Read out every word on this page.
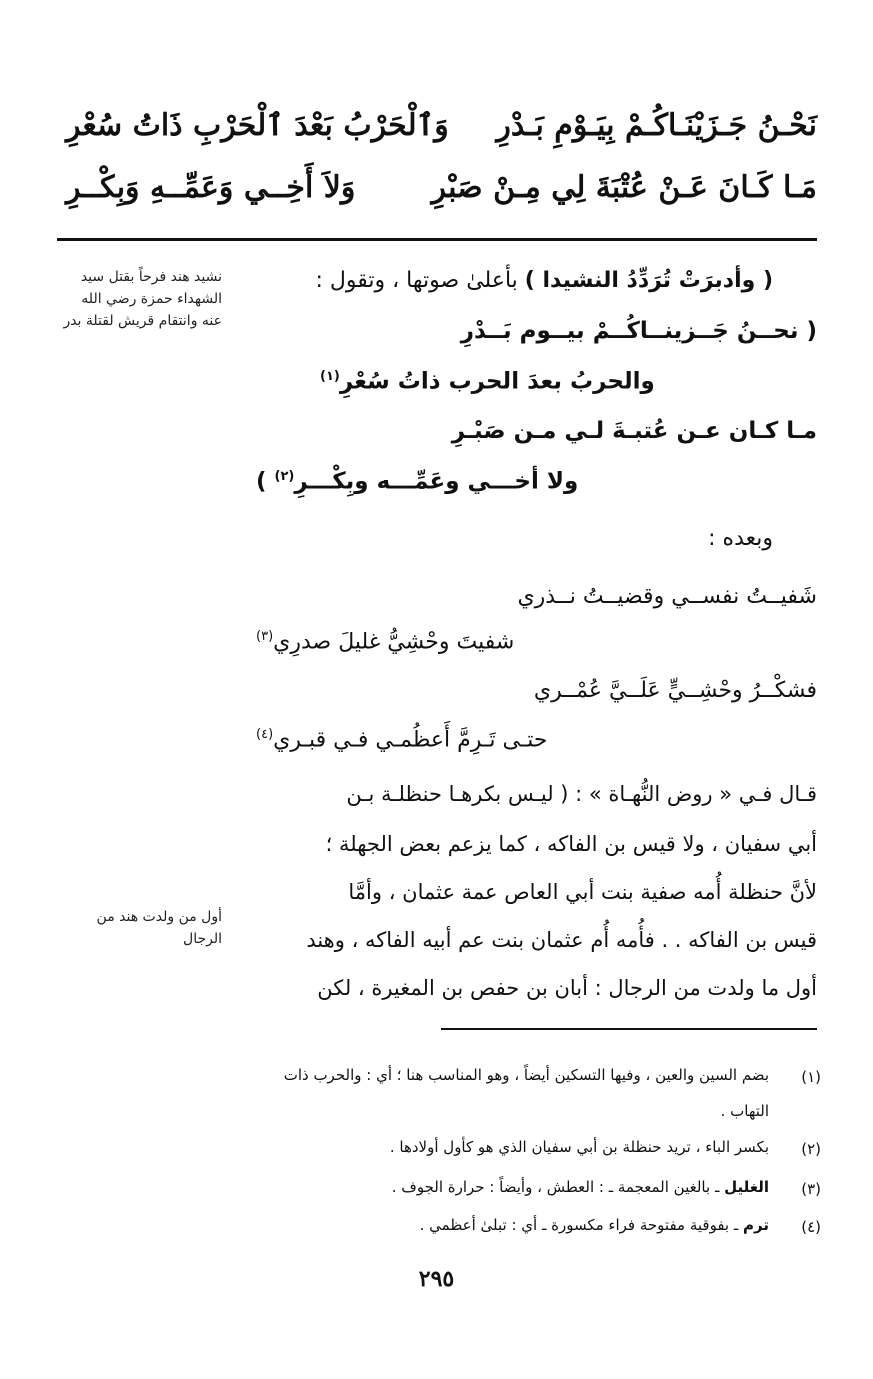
نَحْـنُ جَـزَيْنَـاكُـمْ بِيَـوْمِ بَـدْرِ
وَٱلْحَرْبُ بَعْدَ ٱلْحَرْبِ ذَاتُ سُعْرِ
مَـا كَـانَ عَـنْ عُتْبَةَ لِي مِـنْ صَبْرِ
وَلاَ أَخِــي وَعَمِّــهِ وَبِكْــرِ
نشيد هند فرحاً بقتل سيد الشهداء حمزة رضي الله عنه وانتقام قريش لقتلة بدر
أول من ولدت هند من الرجال
( وأدبرَتْ تُرَدِّدُ النشيدا ) بأعلىٰ صوتها ، وتقول :
( نحــنُ جَــزينــاكُــمْ بيــوم بَــدْرِ
والحربُ بعدَ الحرب ذاتُ سُعْرِ$^{(١)}$
مـا كـان عـن عُتبـةَ لـي مـن صَبْـرِ
ولا أخـــي وعَمِّـــه وبِكْـــرِ$^{(٢)}$ )
وبعده :
شَفيــتُ نفســي وقضيــتُ نــذري
شفيتَ وحْشِيُّ غليلَ صدرِي$^{(٣)}$
فشكْــرُ وحْشِــيٍّ عَلَــيَّ عُمْــري
حتـى تَـرِمَّ أَعظُمـي فـي قبـري$^{(٤)}$
قـال فـي « روض النُّهـاة » : ( ليـس بكرهـا حنظلـة بـن
أبي سفيان ، ولا قيس بن الفاكه ، كما يزعم بعض الجهلة ؛
لأنَّ حنظلة أُمه صفية بنت أبي العاص عمة عثمان ، وأمَّا
قيس بن الفاكه . . فأُمه أُم عثمان بنت عم أبيه الفاكه ، وهند
أول ما ولدت من الرجال : أبان بن حفص بن المغيرة ، لكن
(١)
بضم السين والعين ، وفيها التسكين أيضاً ، وهو المناسب هنا ؛ أي : والحرب ذات
التهاب .
(٢)
بكسر الباء ، تريد حنظلة بن أبي سفيان الذي هو كأول أولادها .
(٣)
الغليل ـ بالغين المعجمة ـ : العطش ، وأيضاً : حرارة الجوف .
(٤)
ترم ـ بفوقية مفتوحة فراء مكسورة ـ أي : تبلىٰ أعظمي .
٢٩٥
